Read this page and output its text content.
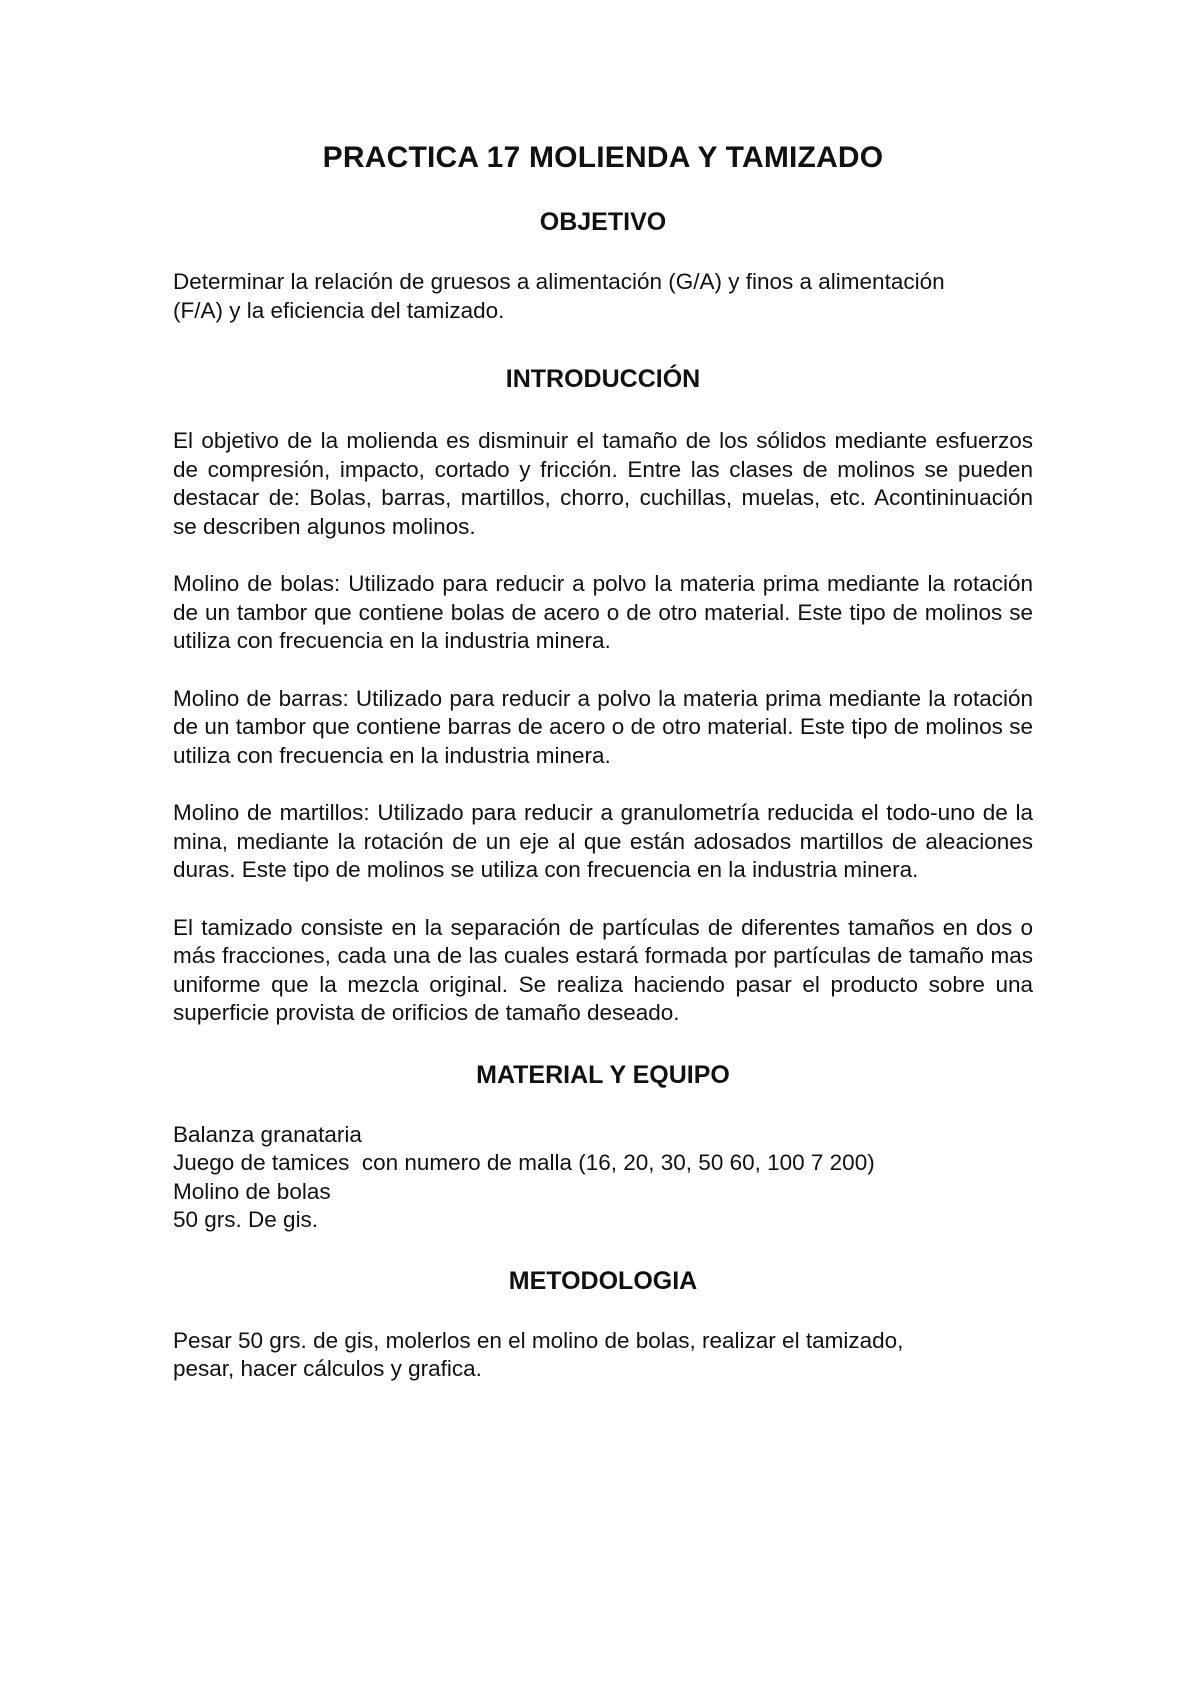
PRACTICA 17 MOLIENDA Y TAMIZADO
OBJETIVO

Determinar la relación de gruesos a alimentación (G/A) y finos a alimentación (F/A) y la eficiencia del tamizado.

INTRODUCCIÓN

El objetivo de la molienda es disminuir el tamaño de los sólidos mediante esfuerzos de compresión, impacto, cortado y fricción. Entre las clases de molinos se pueden destacar de: Bolas, barras, martillos, chorro, cuchillas, muelas, etc. Acontininuación se describen algunos molinos.

Molino de bolas: Utilizado para reducir a polvo la materia prima mediante la rotación de un tambor que contiene bolas de acero o de otro material. Este tipo de molinos se utiliza con frecuencia en la industria minera.

Molino de barras: Utilizado para reducir a polvo la materia prima mediante la rotación de un tambor que contiene barras de acero o de otro material. Este tipo de molinos se utiliza con frecuencia en la industria minera.

Molino de martillos: Utilizado para reducir a granulometría reducida el todo-uno de la mina, mediante la rotación de un eje al que están adosados martillos de aleaciones duras. Este tipo de molinos se utiliza con frecuencia en la industria minera.

El tamizado consiste en la separación de partículas de diferentes tamaños en dos o más fracciones, cada una de las cuales estará formada por partículas de tamaño mas uniforme que la mezcla original. Se realiza haciendo pasar el producto sobre una superficie provista de orificios de tamaño deseado.

MATERIAL Y EQUIPO
Balanza granataria
Juego de tamices  con numero de malla (16, 20, 30, 50 60, 100 7 200)
Molino de bolas
50 grs. De gis.
METODOLOGIA

Pesar 50 grs. de gis, molerlos en el molino de bolas, realizar el tamizado, pesar, hacer cálculos y grafica.
